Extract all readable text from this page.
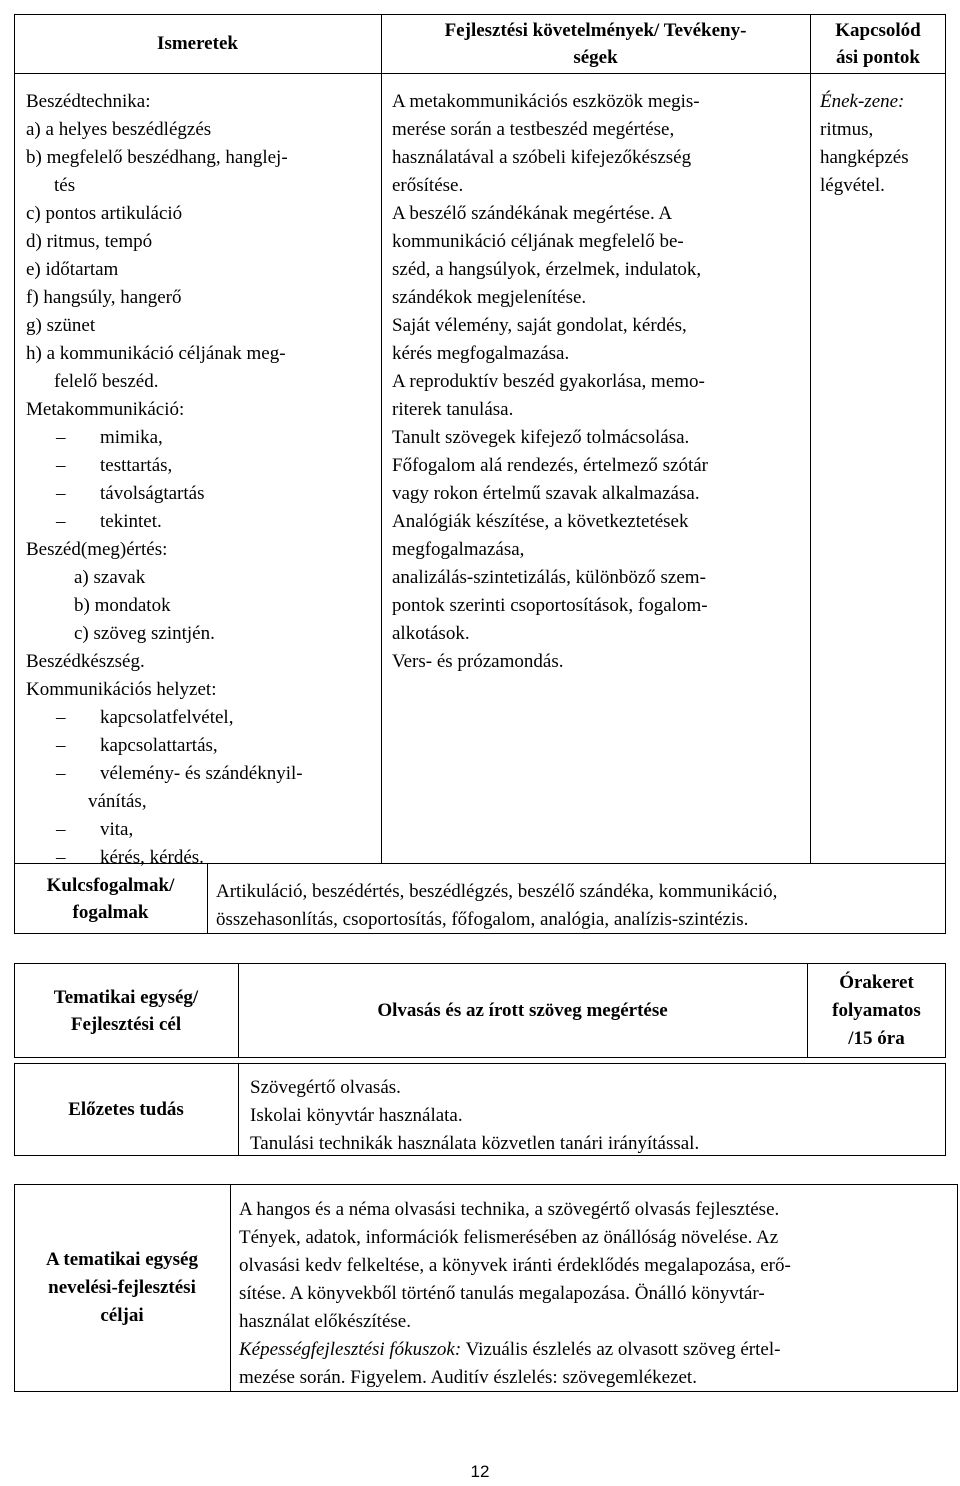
Ismeretek
Fejlesztési követelmények/ Tevékeny-
ségek
Kapcsolód
ási pontok
Beszédtechnika:
a) a helyes beszédlégzés
b) megfelelő beszédhang, hanglej-
tés
c) pontos artikuláció
d) ritmus, tempó
e) időtartam
f) hangsúly, hangerő
g) szünet
h) a kommunikáció céljának meg-
felelő beszéd.
Metakommunikáció:
–mimika,
–testtartás,
–távolságtartás
–tekintet.
Beszéd(meg)értés:
a) szavak
b) mondatok
c) szöveg szintjén.
Beszédkészség.
Kommunikációs helyzet:
–kapcsolatfelvétel,
–kapcsolattartás,
–vélemény- és szándéknyil-
vánítás,
–vita,
–kérés, kérdés.
A metakommunikációs eszközök megis-
merése során a testbeszéd megértése,
használatával a szóbeli kifejezőkészség
erősítése.
A beszélő szándékának megértése. A
kommunikáció céljának megfelelő be-
széd, a hangsúlyok, érzelmek, indulatok,
szándékok megjelenítése.
Saját vélemény, saját gondolat, kérdés,
kérés megfogalmazása.
A reproduktív beszéd gyakorlása, memo-
riterek tanulása.
Tanult szövegek kifejező tolmácsolása.
Főfogalom alá rendezés, értelmező szótár
vagy rokon értelmű szavak alkalmazása.
Analógiák készítése, a következtetések
megfogalmazása,
analizálás-szintetizálás, különböző szem-
pontok szerinti csoportosítások, fogalom-
alkotások.
Vers- és prózamondás.
Ének-zene:
ritmus,
hangképzés
légvétel.
Kulcsfogalmak/
fogalmak
Artikuláció, beszédértés, beszédlégzés, beszélő szándéka, kommunikáció,
összehasonlítás, csoportosítás, főfogalom, analógia, analízis-szintézis.
Tematikai egység/
Fejlesztési cél
Olvasás és az írott szöveg megértése
Órakeret
folyamatos
/15 óra
Előzetes tudás
Szövegértő olvasás.
Iskolai könyvtár használata.
Tanulási technikák használata közvetlen tanári irányítással.
A tematikai egység
nevelési-fejlesztési
céljai
A hangos és a néma olvasási technika, a szövegértő olvasás fejlesztése.
Tények, adatok, információk felismerésében az önállóság növelése. Az
olvasási kedv felkeltése, a könyvek iránti érdeklődés megalapozása, erő-
sítése. A könyvekből történő tanulás megalapozása. Önálló könyvtár-
használat előkészítése.
Képességfejlesztési fókuszok: Vizuális észlelés az olvasott szöveg értel-
mezése során. Figyelem. Auditív észlelés: szövegemlékezet.
12
